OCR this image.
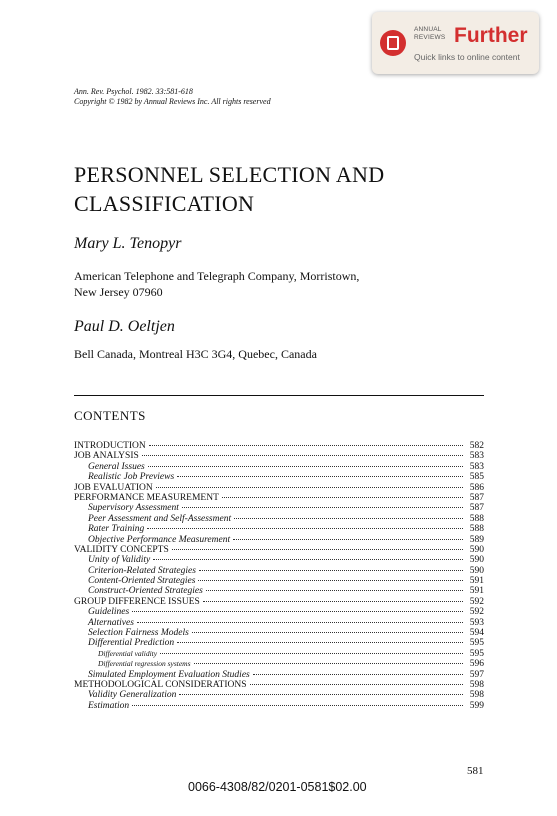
ANNUAL
REVIEWS Further
Quick links to online content
Ann. Rev. Psychol. 1982. 33:581-618
Copyright © 1982 by Annual Reviews Inc. All rights reserved
PERSONNEL SELECTION AND
CLASSIFICATION
Mary L. Tenopyr
American Telephone and Telegraph Company, Morristown,
New Jersey 07960
Paul D. Oeltjen
Bell Canada, Montreal H3C 3G4, Quebec, Canada
CONTENTS
INTRODUCTION	582
JOB ANALYSIS	583
General Issues	583
Realistic Job Previews	585
JOB EVALUATION	586
PERFORMANCE MEASUREMENT	587
Supervisory Assessment	587
Peer Assessment and Self-Assessment	588
Rater Training	588
Objective Performance Measurement	589
VALIDITY CONCEPTS	590
Unity of Validity	590
Criterion-Related Strategies	590
Content-Oriented Strategies	591
Construct-Oriented Strategies	591
GROUP DIFFERENCE ISSUES	592
Guidelines	592
Alternatives	593
Selection Fairness Models	594
Differential Prediction	595
Differential validity	595
Differential regression systems	596
Simulated Employment Evaluation Studies	597
METHODOLOGICAL CONSIDERATIONS	598
Validity Generalization	598
Estimation	599
581
0066-4308/82/0201-0581$02.00
